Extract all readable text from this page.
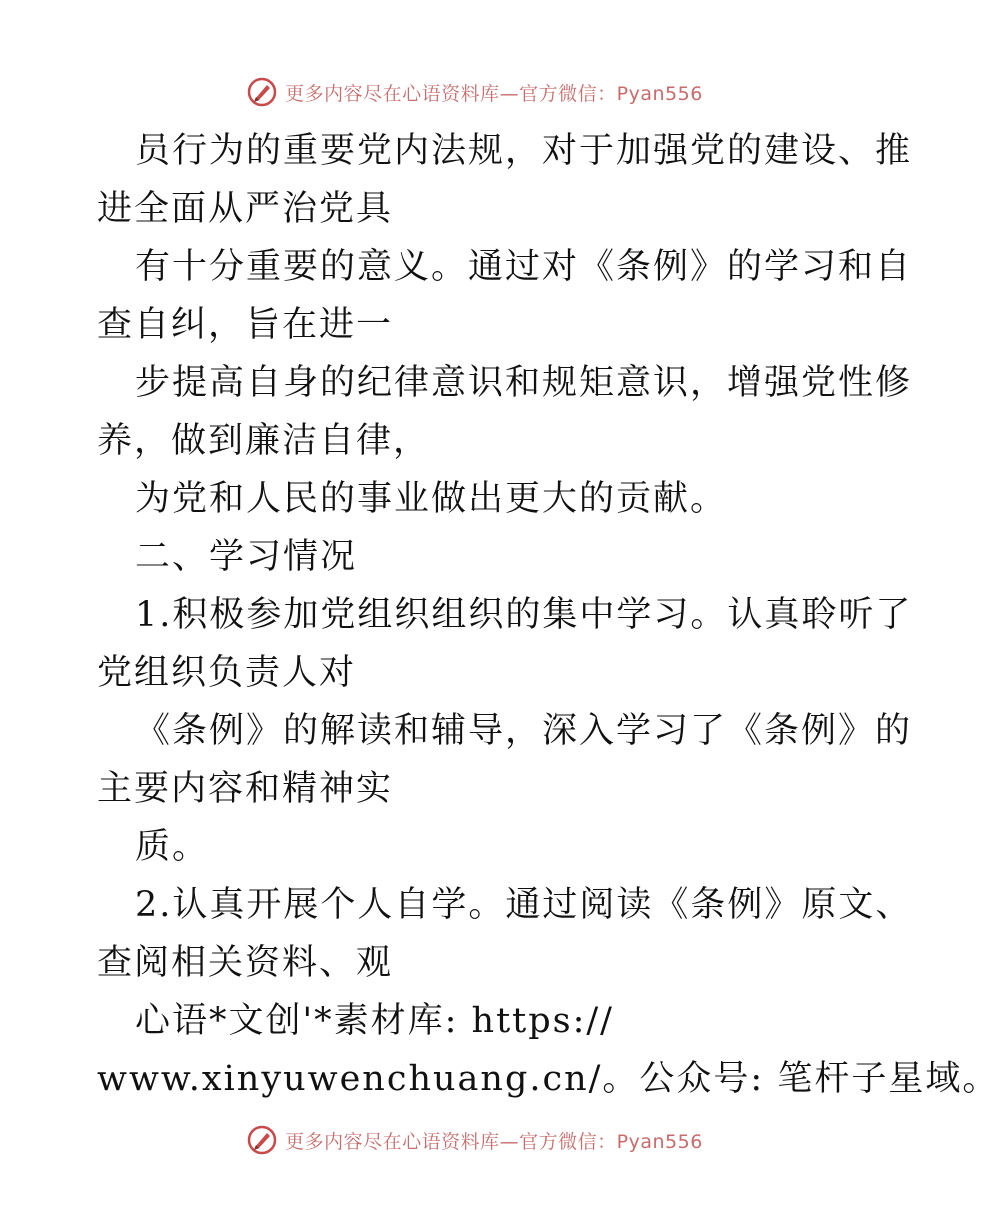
更多内容尽在心语资料库—官方微信：Pyan556
员行为的重要党内法规，对于加强党的建设、推
进全面从严治党具
有十分重要的意义。通过对《条例》的学习和自
查自纠，旨在进一
步提高自身的纪律意识和规矩意识，增强党性修
养，做到廉洁自律，
为党和人民的事业做出更大的贡献。
二、学习情况
1.积极参加党组织组织的集中学习。认真聆听了
党组织负责人对
《条例》的解读和辅导，深入学习了《条例》的
主要内容和精神实
质。
2.认真开展个人自学。通过阅读《条例》原文、
查阅相关资料、观
心语*文创'*素材库: https://
www.xinyuwenchuang.cn/。公众号: 笔杆子星域。
更多内容尽在心语资料库—官方微信：Pyan556
